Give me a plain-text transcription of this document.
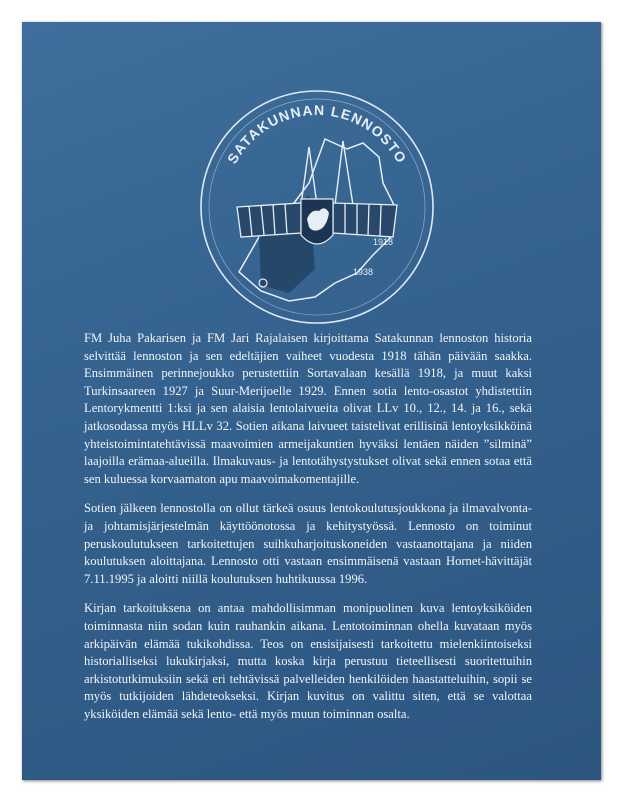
SATAKUNNAN LENNOSTO
1918
1938

FM Juha Pakarisen ja FM Jari Rajalaisen kirjoittama Satakunnan lennoston historia selvittää lennoston ja sen edeltäjien vaiheet vuodesta 1918 tähän päivään saakka. Ensimmäinen perinnejoukko perustettiin Sortavalaan kesällä 1918, ja muut kaksi Turkinsaareen 1927 ja Suur-Merijoelle 1929. Ennen sotia lento-osastot yhdistettiin Lentorykmentti 1:ksi ja sen alaisia lentolaivueita olivat LLv 10., 12., 14. ja 16., sekä jatkosodassa myös HLLv 32. Sotien aikana laivueet taistelivat erillisinä lentoyksikköinä yhteistoimintatehtävissä maavoimien armeijakuntien hyväksi lentäen näiden ”silminä” laajoilla erämaa-alueilla. Ilmakuvaus- ja lentotähystystukset olivat sekä ennen sotaa että sen kuluessa korvaamaton apu maavoimakomentajille.

Sotien jälkeen lennostolla on ollut tärkeä osuus lentokoulutusjoukkona ja ilmavalvonta- ja johtamisjärjestelmän käyttöönotossa ja kehitystyössä. Lennosto on toiminut peruskoulutukseen tarkoitettujen suihkuharjoituskoneiden vastaanottajana ja niiden koulutuksen aloittajana. Lennosto otti vastaan ensimmäisenä vastaan Hornet-hävittäjät 7.11.1995 ja aloitti niillä koulutuksen huhtikuussa 1996.

Kirjan tarkoituksena on antaa mahdollisimman monipuolinen kuva lentoyksiköiden toiminnasta niin sodan kuin rauhankin aikana. Lentotoiminnan ohella kuvataan myös arkipäivän elämää tukikohdissa. Teos on ensisijaisesti tarkoitettu mielenkiintoiseksi historialliseksi lukukirjaksi, mutta koska kirja perustuu tieteellisesti suoritettuihin arkistotutkimuksiin sekä eri tehtävissä palvelleiden henkilöiden haastatteluihin, sopii se myös tutkijoiden lähdeteokseksi. Kirjan kuvitus on valittu siten, että se valottaa yksiköiden elämää sekä lento- että myös muun toiminnan osalta.
